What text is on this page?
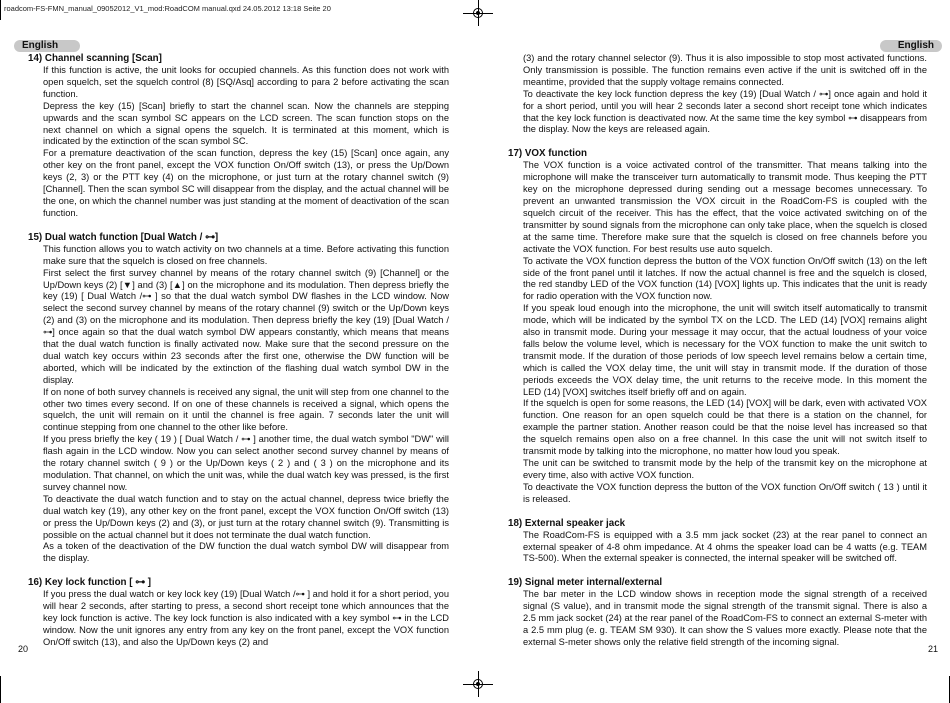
roadcom-FS-FMN_manual_09052012_V1_mod:RoadCOM manual.qxd 24.05.2012 13:18 Seite 20
English	English
14) Channel scanning [Scan]

If this function is active, the unit looks for occupied channels. As this function does not work with open squelch, set the squelch control (8) [SQ/Asq] according to para 2 before activating the scan function.

Depress the key (15) [Scan] briefly to start the channel scan. Now the channels are stepping upwards and the scan symbol SC appears on the LCD screen. The scan function stops on the next channel on which a signal opens the squelch. It is terminated at this moment, which is indicated by the extinction of the scan symbol SC.

For a premature deactivation of the scan function, depress the key (15) [Scan] once again, any other key on the front panel, except the VOX function On/Off switch (13), or press the Up/Down keys (2, 3) or the PTT key (4) on the microphone, or just turn at the rotary channel switch (9) [Channel]. Then the scan symbol SC will disappear from the display, and the actual channel will be the one, on which the channel number was just standing at the moment of deactivation of the scan function.

15) Dual watch function [Dual Watch / ⊶]

This function allows you to watch activity on two channels at a time. Before activating this function make sure that the squelch is closed on free channels.

First select the first survey channel by means of the rotary channel switch (9) [Channel] or the Up/Down keys (2) [▼] and (3) [▲] on the microphone and its modulation. Then depress briefly the key (19) [ Dual Watch /⊶ ] so that the dual watch symbol DW flashes in the LCD window. Now select the second survey channel by means of the rotary channel (9) switch or the Up/Down keys (2) and (3) on the microphone and its modulation. Then depress briefly the key (19) [Dual Watch /⊶] once again so that the dual watch symbol DW appears constantly, which means that means that the dual watch function is finally activated now. Make sure that the second pressure on the dual watch key occurs within 23 seconds after the first one, otherwise the DW function will be aborted, which will be indicated by the extinction of the flashing dual watch symbol DW in the display.

If on none of both survey channels is received any signal, the unit will step from one channel to the other two times every second. If on one of these channels is received a signal, which opens the squelch, the unit will remain on it until the channel is free again. 7 seconds later the unit will continue stepping from one channel to the other like before.

If you press briefly the key ( 19 ) [ Dual Watch / ⊶ ] another time, the dual watch symbol "DW" will flash again in the LCD window. Now you can select another second survey channel by means of the rotary channel switch ( 9 ) or the Up/Down keys ( 2 ) and ( 3 ) on the microphone and its modulation. That channel, on which the unit was, while the dual watch key was pressed, is the first survey channel now.

To deactivate the dual watch function and to stay on the actual channel, depress twice briefly the dual watch key (19), any other key on the front panel, except the VOX function On/Off switch (13) or press the Up/Down keys (2) and (3), or just turn at the rotary channel switch (9). Transmitting is possible on the actual channel but it does not terminate the dual watch function.

As a token of the deactivation of the DW function the dual watch symbol DW will disappear from the display.

16) Key lock function [ ⊶ ]

If you press the dual watch or key lock key (19) [Dual Watch /⊶ ] and hold it for a short period, you will hear 2 seconds, after starting to press, a second short receipt tone which announces that the key lock function is active. The key lock function is also indicated with a key symbol ⊶ in the LCD window. Now the unit ignores any entry from any key on the front panel, except the VOX function On/Off switch (13), and also the Up/Down keys (2) and

(3) and the rotary channel selector (9). Thus it is also impossible to stop most activated functions. Only transmission is possible. The function remains even active if the unit is switched off in the meantime, provided that the supply voltage remains connected.

To deactivate the key lock function depress the key (19) [Dual Watch / ⊶] once again and hold it for a short period, until you will hear 2 seconds later a second short receipt tone which indicates that the key lock function is deactivated now. At the same time the key symbol ⊶ disappears from the display. Now the keys are released again.

17) VOX function

The VOX function is a voice activated control of the transmitter. That means talking into the microphone will make the transceiver turn automatically to transmit mode. Thus keeping the PTT key on the microphone depressed during sending out a message becomes unnecessary. To prevent an unwanted transmission the VOX circuit in the RoadCom-FS is coupled with the squelch circuit of the receiver. This has the effect, that the voice activated switching on of the transmitter by sound signals from the microphone can only take place, when the squelch is closed at the same time. Therefore make sure that the squelch is closed on free channels before you activate the VOX function. For best results use auto squelch.

To activate the VOX function depress the button of the VOX function On/Off switch (13) on the left side of the front panel until it latches. If now the actual channel is free and the squelch is closed, the red standby LED of the VOX function (14) [VOX] lights up. This indicates that the unit is ready for radio operation with the VOX function now.

If you speak loud enough into the microphone, the unit will switch itself automatically to transmit mode, which will be indicated by the symbol TX on the LCD. The LED (14) [VOX] remains alight also in transmit mode. During your message it may occur, that the actual loudness of your voice falls below the volume level, which is necessary for the VOX function to make the unit switch to transmit mode. If the duration of those periods of low speech level remains below a certain time, which is called the VOX delay time, the unit will stay in transmit mode. If the duration of those periods exceeds the VOX delay time, the unit returns to the receive mode. In this moment the LED (14) [VOX] switches itself briefly off and on again.

If the squelch is open for some reasons, the LED (14) [VOX] will be dark, even with activated VOX function. One reason for an open squelch could be that there is a station on the channel, for example the partner station. Another reason could be that the noise level has increased so that the squelch remains open also on a free channel. In this case the unit will not switch itself to transmit mode by talking into the microphone, no matter how loud you speak.

The unit can be switched to transmit mode by the help of the transmit key on the microphone at every time, also with active VOX function.

To deactivate the VOX function depress the button of the VOX function On/Off switch ( 13 ) until it is released.

18) External speaker jack

The RoadCom-FS is equipped with a 3.5 mm jack socket (23) at the rear panel to connect an external speaker of 4-8 ohm impedance. At 4 ohms the speaker load can be 4 watts (e.g. TEAM TS-500). When the external speaker is connected, the internal speaker will be switched off.

19) Signal meter internal/external

The bar meter in the LCD window shows in reception mode the signal strength of a received signal (S value), and in transmit mode the signal strength of the transmit signal. There is also a 2.5 mm jack socket (24) at the rear panel of the RoadCom-FS to connect an external S-meter with a 2.5 mm plug (e. g. TEAM SM 930). It can show the S values more exactly. Please note that the external S-meter shows only the relative field strength of the incoming signal.

20	21
